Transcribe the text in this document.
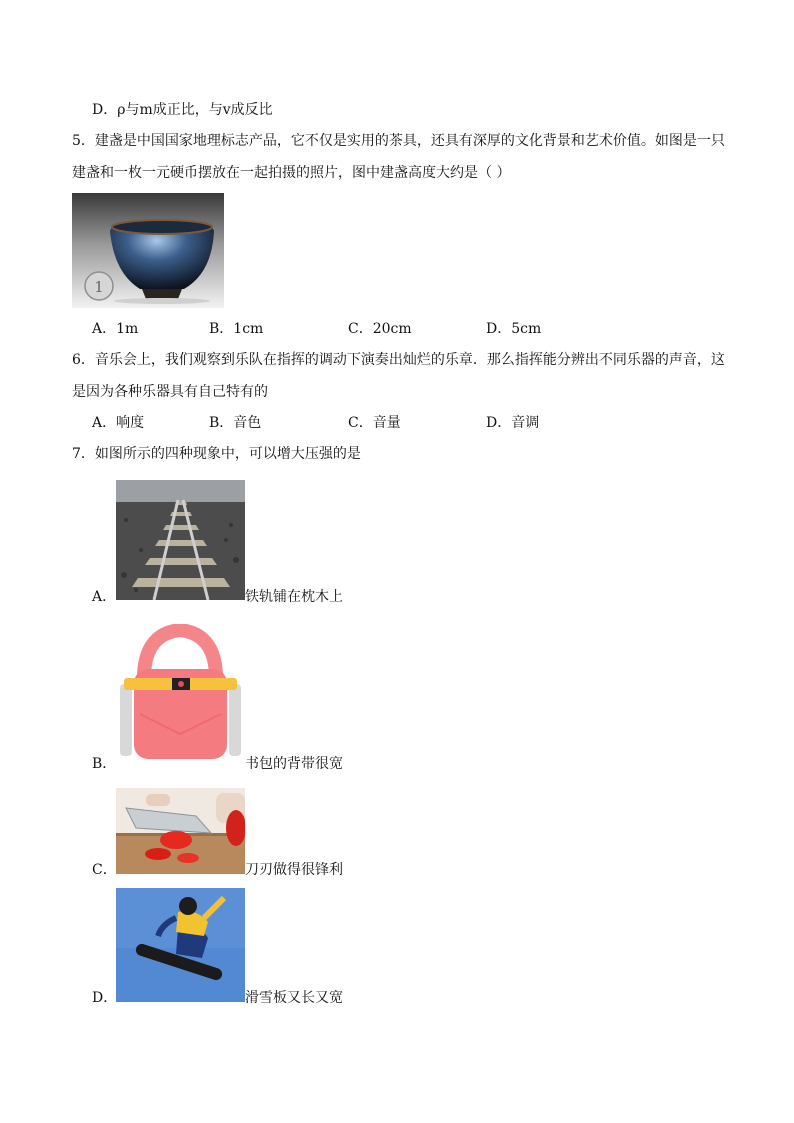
D．ρ与m成正比，与v成反比
5．建盏是中国国家地理标志产品，它不仅是实用的茶具，还具有深厚的文化背景和艺术价值。如图是一只
建盏和一枚一元硬币摆放在一起拍摄的照片，图中建盏高度大约是（ ）
1
A．1m	B．1cm	C．20cm	D．5cm
6．音乐会上，我们观察到乐队在指挥的调动下演奏出灿烂的乐章．那么指挥能分辨出不同乐器的声音，这
是因为各种乐器具有自己特有的
A．响度	B．音色	C．音量	D．音调
7．如图所示的四种现象中，可以增大压强的是
A．	铁轨铺在枕木上
B．	书包的背带很宽
C．	刀刃做得很锋利
D．	滑雪板又长又宽
